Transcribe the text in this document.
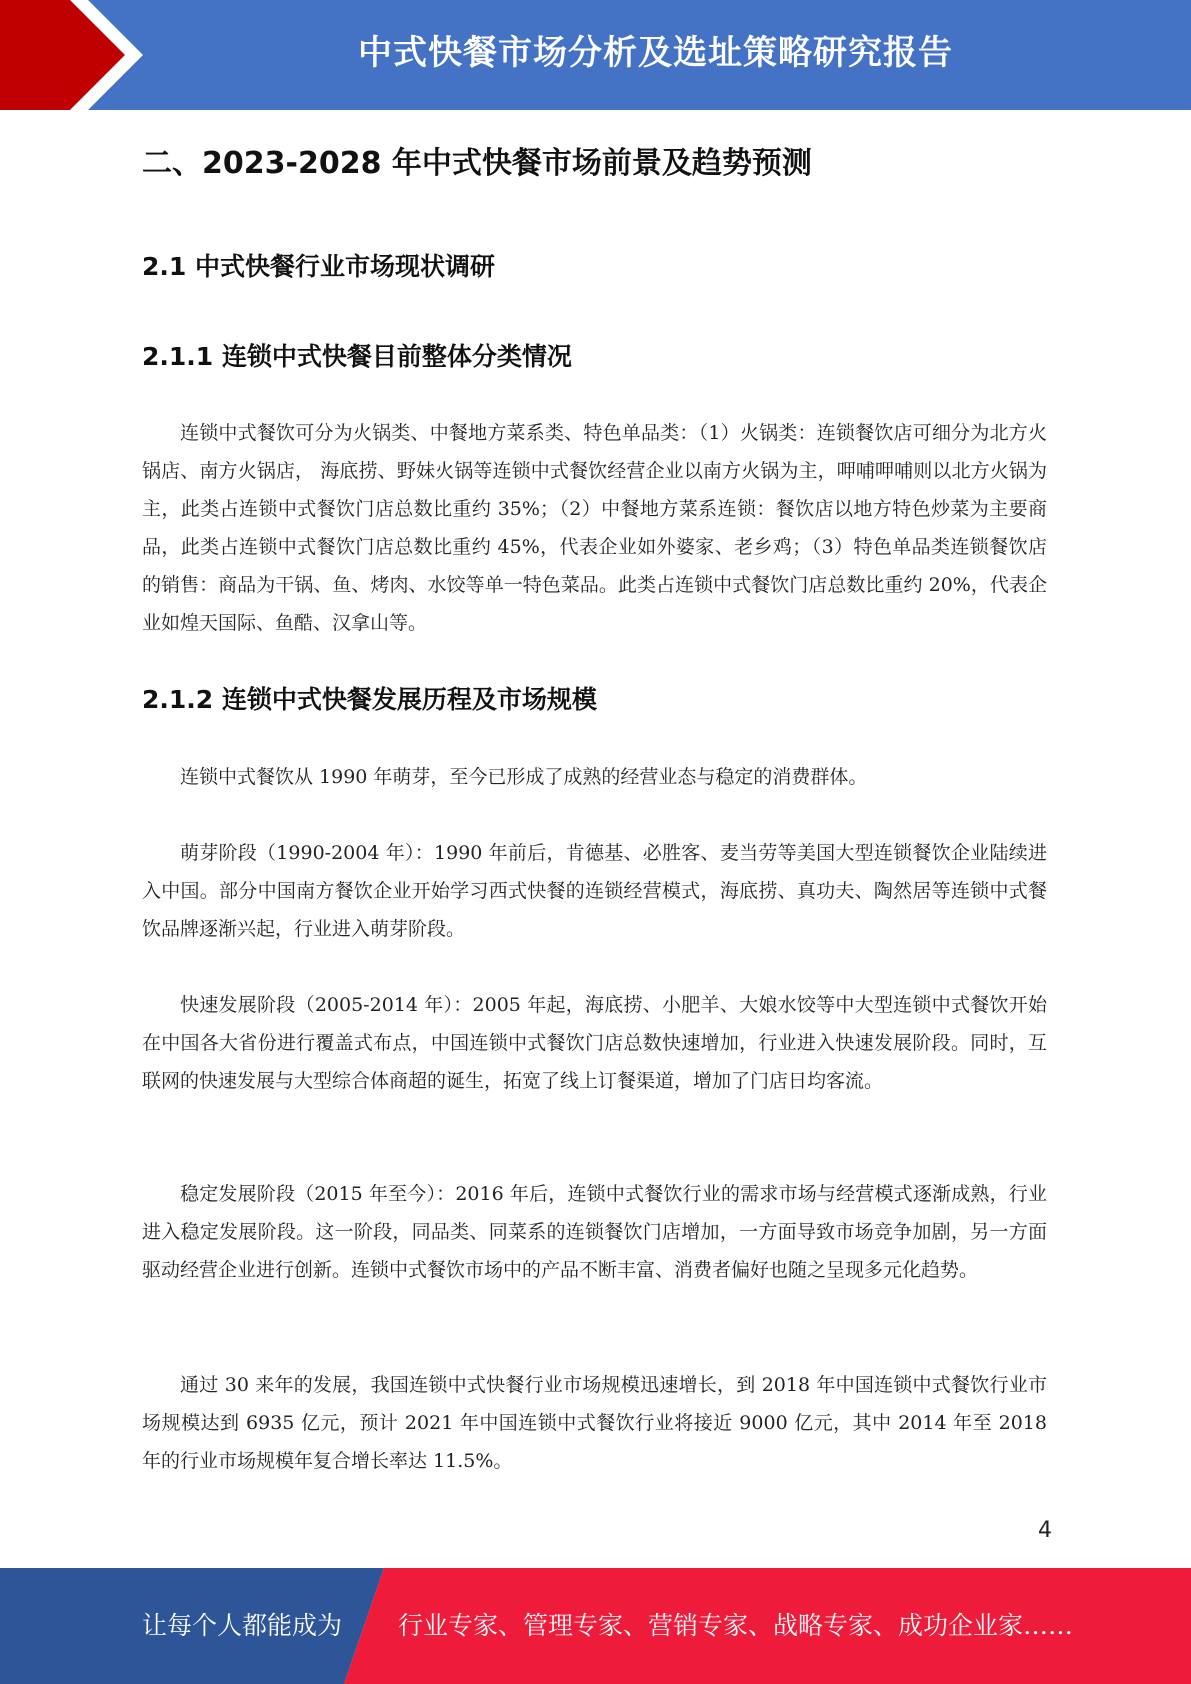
中式快餐市场分析及选址策略研究报告
二、2023-2028 年中式快餐市场前景及趋势预测
2.1 中式快餐行业市场现状调研
2.1.1 连锁中式快餐目前整体分类情况

连锁中式餐饮可分为火锅类、中餐地方菜系类、特色单品类：（1）火锅类：连锁餐饮店可细分为北方火锅店、南方火锅店， 海底捞、野妹火锅等连锁中式餐饮经营企业以南方火锅为主，呷哺呷哺则以北方火锅为主，此类占连锁中式餐饮门店总数比重约 35%；（2）中餐地方菜系连锁：餐饮店以地方特色炒菜为主要商品，此类占连锁中式餐饮门店总数比重约 45%，代表企业如外婆家、老乡鸡；（3）特色单品类连锁餐饮店的销售：商品为干锅、鱼、烤肉、水饺等单一特色菜品。此类占连锁中式餐饮门店总数比重约 20%，代表企业如煌天国际、鱼酷、汉拿山等。

2.1.2 连锁中式快餐发展历程及市场规模

连锁中式餐饮从 1990 年萌芽，至今已形成了成熟的经营业态与稳定的消费群体。

萌芽阶段（1990-2004 年）：1990 年前后，肯德基、必胜客、麦当劳等美国大型连锁餐饮企业陆续进入中国。部分中国南方餐饮企业开始学习西式快餐的连锁经营模式，海底捞、真功夫、陶然居等连锁中式餐饮品牌逐渐兴起，行业进入萌芽阶段。

快速发展阶段（2005-2014 年）：2005 年起，海底捞、小肥羊、大娘水饺等中大型连锁中式餐饮开始在中国各大省份进行覆盖式布点，中国连锁中式餐饮门店总数快速增加，行业进入快速发展阶段。同时，互联网的快速发展与大型综合体商超的诞生，拓宽了线上订餐渠道，增加了门店日均客流。

稳定发展阶段（2015 年至今）：2016 年后，连锁中式餐饮行业的需求市场与经营模式逐渐成熟，行业进入稳定发展阶段。这一阶段，同品类、同菜系的连锁餐饮门店增加，一方面导致市场竞争加剧，另一方面驱动经营企业进行创新。连锁中式餐饮市场中的产品不断丰富、消费者偏好也随之呈现多元化趋势。

通过 30 来年的发展，我国连锁中式快餐行业市场规模迅速增长，到 2018 年中国连锁中式餐饮行业市场规模达到 6935 亿元，预计 2021 年中国连锁中式餐饮行业将接近 9000 亿元，其中 2014 年至 2018 年的行业市场规模年复合增长率达 11.5%。

4
让每个人都能成为 行业专家、管理专家、营销专家、战略专家、成功企业家……
